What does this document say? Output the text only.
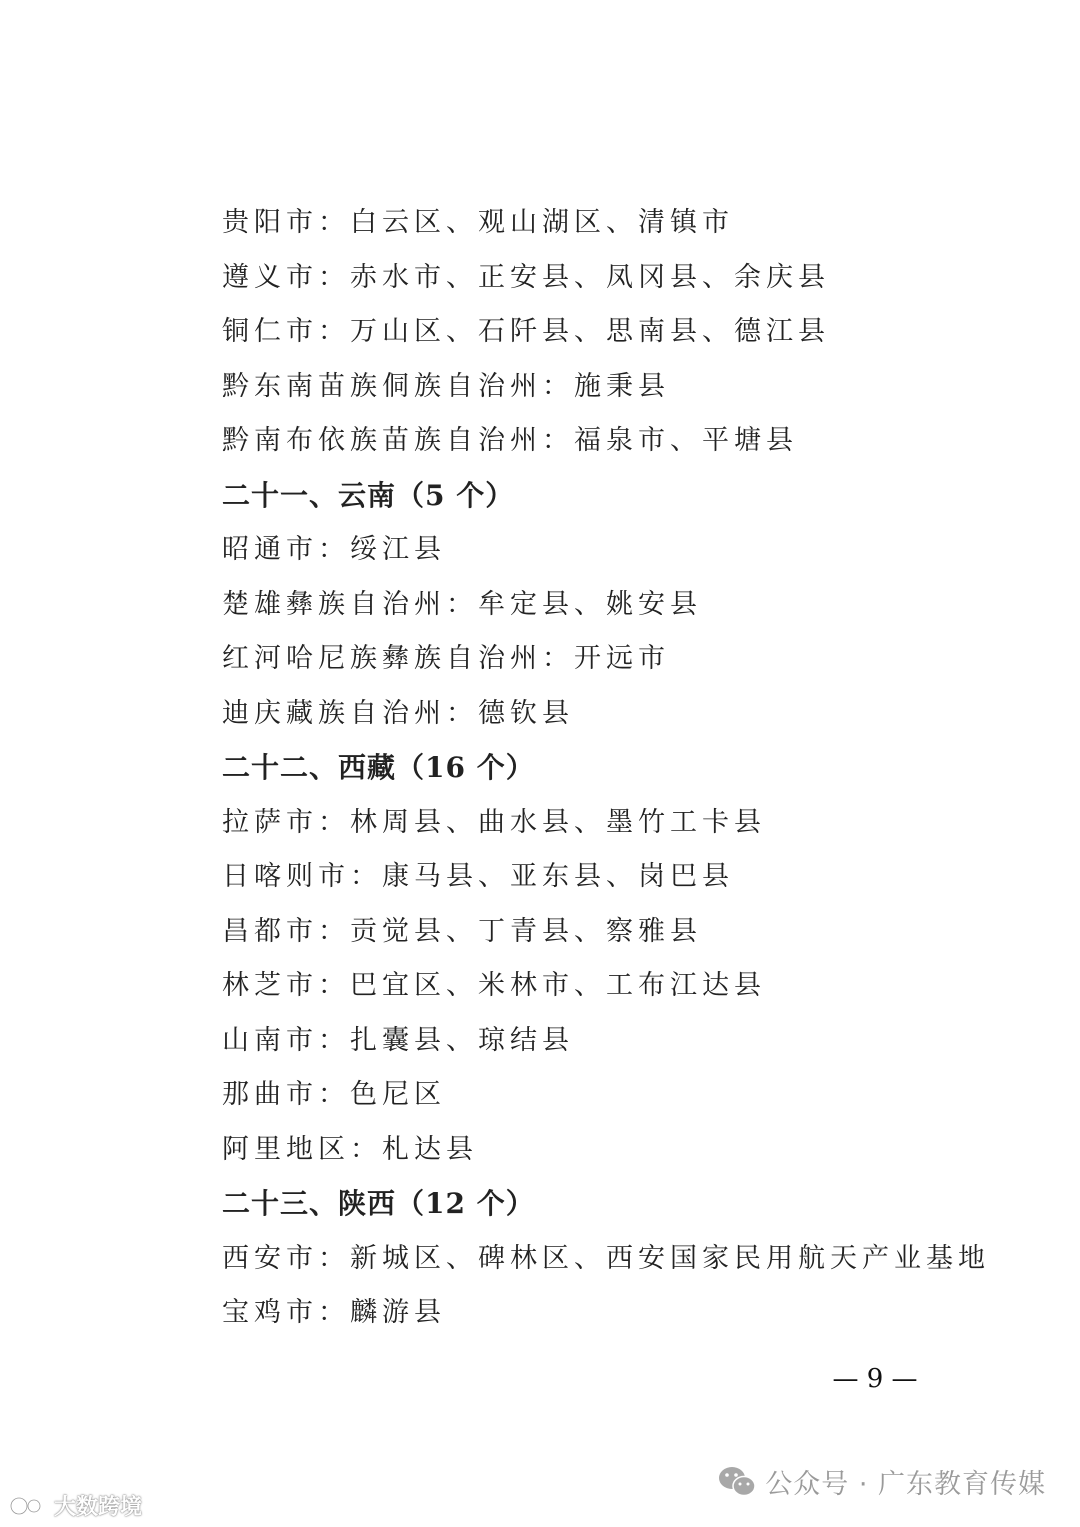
贵阳市：白云区、观山湖区、清镇市
遵义市：赤水市、正安县、凤冈县、余庆县
铜仁市：万山区、石阡县、思南县、德江县
黔东南苗族侗族自治州：施秉县
黔南布依族苗族自治州：福泉市、平塘县
二十一、云南（5 个）
昭通市：绥江县
楚雄彝族自治州：牟定县、姚安县
红河哈尼族彝族自治州：开远市
迪庆藏族自治州：德钦县
二十二、西藏（16 个）
拉萨市：林周县、曲水县、墨竹工卡县
日喀则市：康马县、亚东县、岗巴县
昌都市：贡觉县、丁青县、察雅县
林芝市：巴宜区、米林市、工布江达县
山南市：扎囊县、琼结县
那曲市：色尼区
阿里地区：札达县
二十三、陕西（12 个）
西安市：新城区、碑林区、西安国家民用航天产业基地
宝鸡市：麟游县
— 9 —
公众号 · 广东教育传媒
大数跨境
